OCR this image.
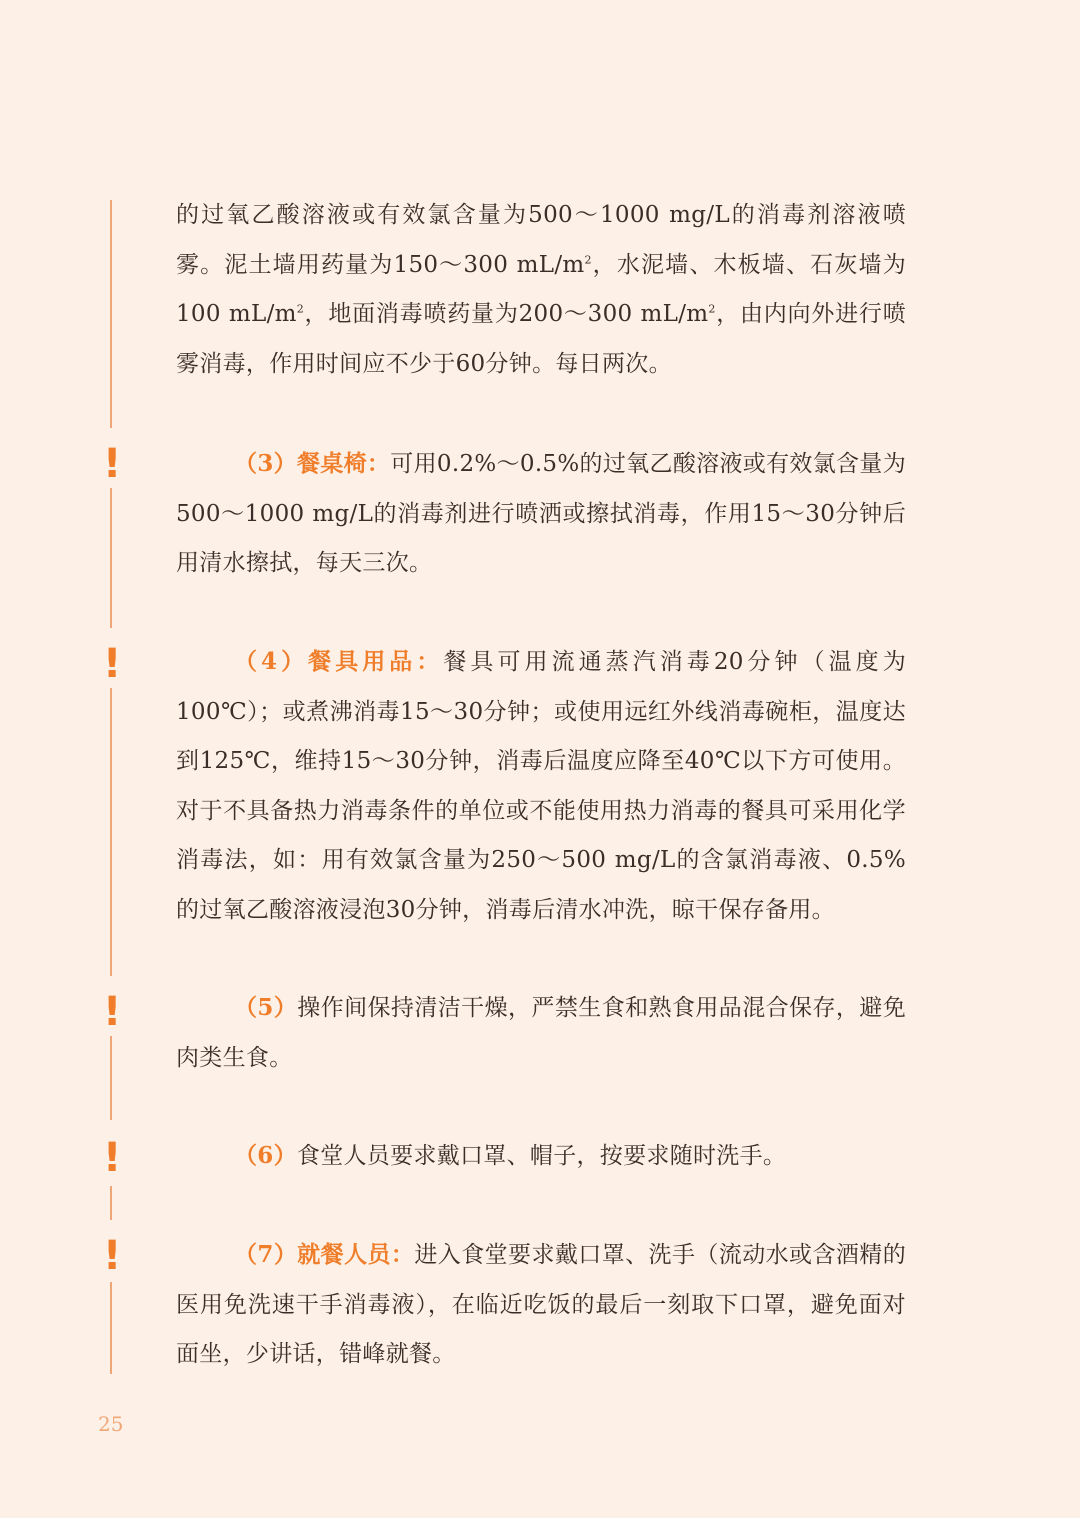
!
!
!
!
!

的过氧乙酸溶液或有效氯含量为500～1000 mg/L的消毒剂溶液喷雾。泥土墙用药量为150～300 $mL/m^2$，水泥墙、木板墙、石灰墙为100 $mL/m^2$，地面消毒喷药量为200～300 $mL/m^2$，由内向外进行喷雾消毒，作用时间应不少于60分钟。每日两次。

（3）餐桌椅：可用0.2%～0.5%的过氧乙酸溶液或有效氯含量为500～1000 mg/L的消毒剂进行喷洒或擦拭消毒，作用15～30分钟后用清水擦拭，每天三次。

（4）餐具用品：餐具可用流通蒸汽消毒20分钟（温度为100℃）；或煮沸消毒15～30分钟；或使用远红外线消毒碗柜，温度达到125℃，维持15～30分钟，消毒后温度应降至40℃以下方可使用。对于不具备热力消毒条件的单位或不能使用热力消毒的餐具可采用化学消毒法，如：用有效氯含量为250～500 mg/L的含氯消毒液、0.5%的过氧乙酸溶液浸泡30分钟，消毒后清水冲洗，晾干保存备用。

（5）操作间保持清洁干燥，严禁生食和熟食用品混合保存，避免肉类生食。

（6）食堂人员要求戴口罩、帽子，按要求随时洗手。

（7）就餐人员：进入食堂要求戴口罩、洗手（流动水或含酒精的医用免洗速干手消毒液），在临近吃饭的最后一刻取下口罩，避免面对面坐，少讲话，错峰就餐。

25
